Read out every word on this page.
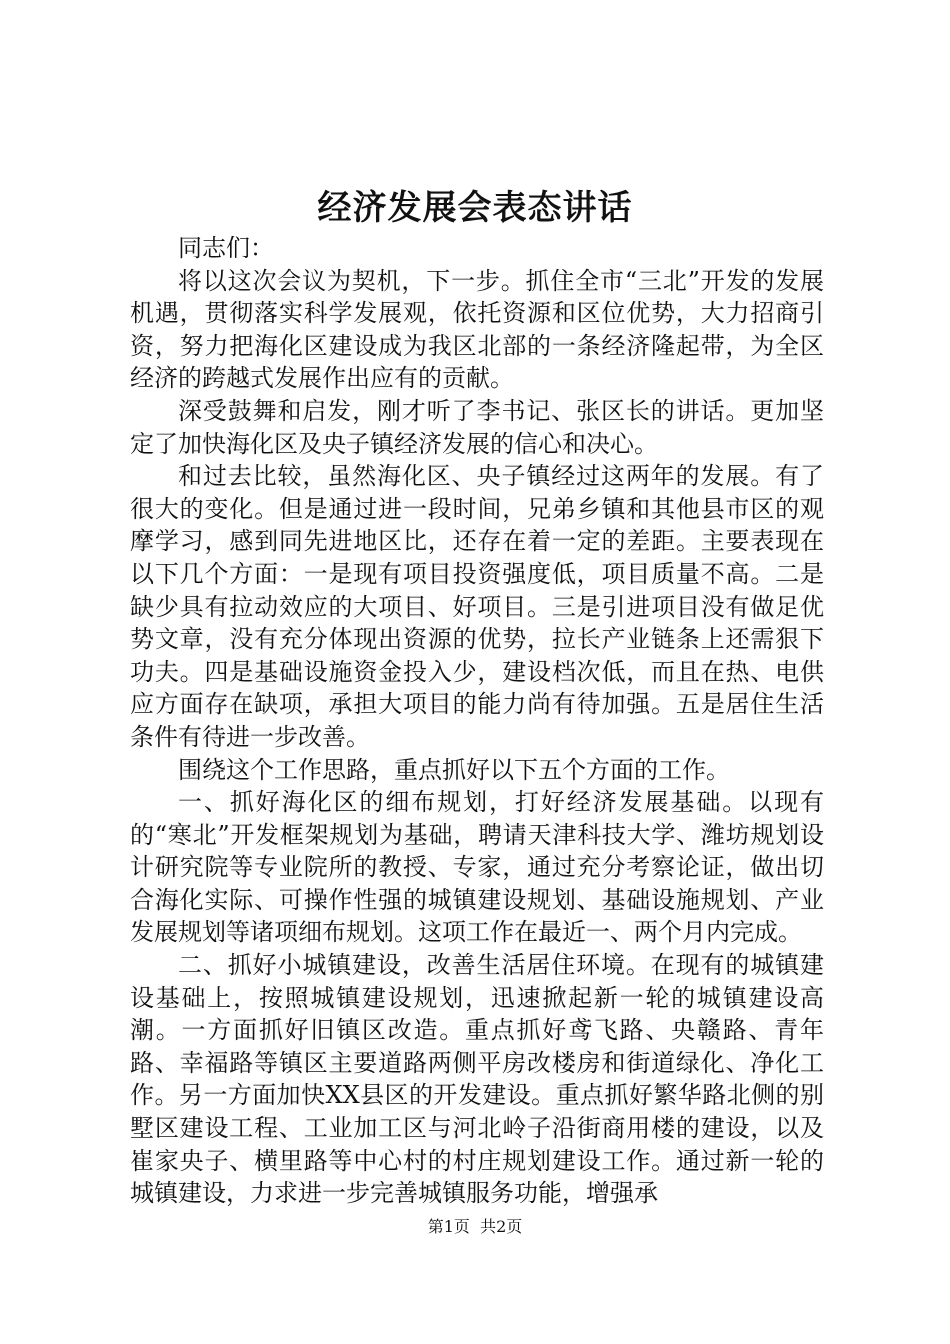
经济发展会表态讲话

同志们：

将以这次会议为契机，下一步。抓住全市“三北”开发的发展机遇，贯彻落实科学发展观，依托资源和区位优势，大力招商引资，努力把海化区建设成为我区北部的一条经济隆起带，为全区经济的跨越式发展作出应有的贡献。

深受鼓舞和启发，刚才听了李书记、张区长的讲话。更加坚定了加快海化区及央子镇经济发展的信心和决心。

和过去比较，虽然海化区、央子镇经过这两年的发展。有了很大的变化。但是通过进一段时间，兄弟乡镇和其他县市区的观摩学习，感到同先进地区比，还存在着一定的差距。主要表现在以下几个方面：一是现有项目投资强度低，项目质量不高。二是缺少具有拉动效应的大项目、好项目。三是引进项目没有做足优势文章，没有充分体现出资源的优势，拉长产业链条上还需狠下功夫。四是基础设施资金投入少，建设档次低，而且在热、电供应方面存在缺项，承担大项目的能力尚有待加强。五是居住生活条件有待进一步改善。

围绕这个工作思路，重点抓好以下五个方面的工作。

一、抓好海化区的细布规划，打好经济发展基础。以现有的“寒北”开发框架规划为基础，聘请天津科技大学、潍坊规划设计研究院等专业院所的教授、专家，通过充分考察论证，做出切合海化实际、可操作性强的城镇建设规划、基础设施规划、产业发展规划等诸项细布规划。这项工作在最近一、两个月内完成。

二、抓好小城镇建设，改善生活居住环境。在现有的城镇建设基础上，按照城镇建设规划，迅速掀起新一轮的城镇建设高潮。一方面抓好旧镇区改造。重点抓好鸢飞路、央赣路、青年路、幸福路等镇区主要道路两侧平房改楼房和街道绿化、净化工作。另一方面加快XX县区的开发建设。重点抓好繁华路北侧的别墅区建设工程、工业加工区与河北岭子沿街商用楼的建设，以及崔家央子、横里路等中心村的村庄规划建设工作。通过新一轮的城镇建设，力求进一步完善城镇服务功能，增强承

第1页 共2页
